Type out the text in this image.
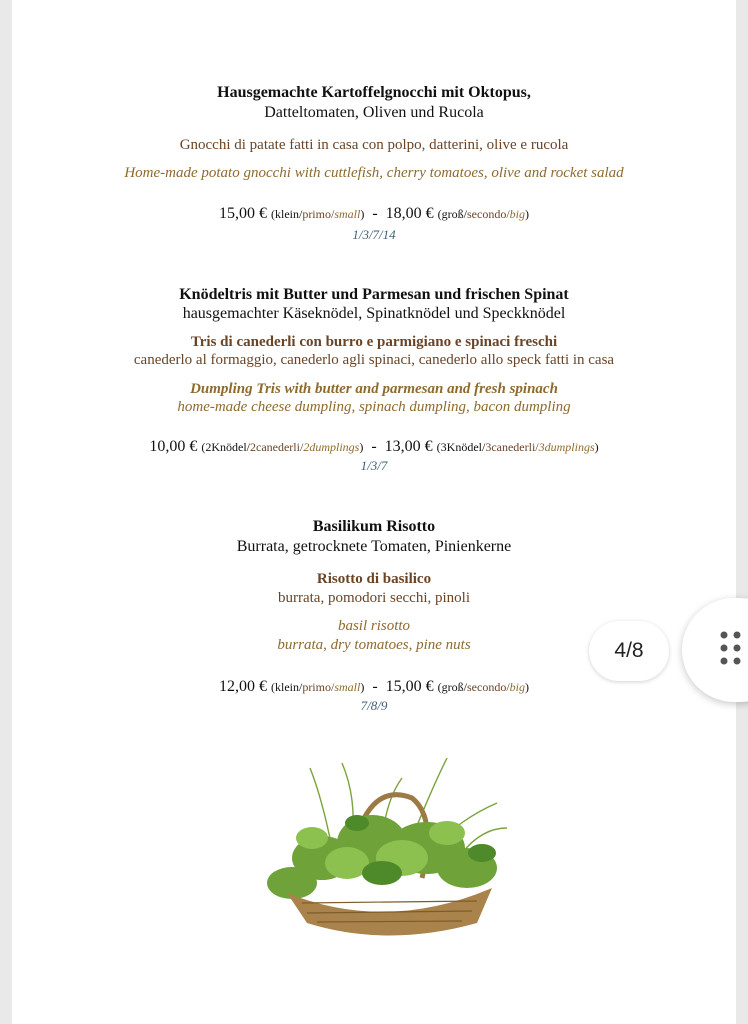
Hausgemachte Kartoffelgnocchi mit Oktopus,
Datteltomaten, Oliven und Rucola
Gnocchi di patate fatti in casa con polpo, datterini, olive e rucola
Home-made potato gnocchi with cuttlefish, cherry tomatoes, olive and rocket salad
15,00 € (klein/primo/small) - 18,00 € (groß/secondo/big)
1/3/7/14
Knödeltris mit Butter und Parmesan und frischen Spinat
hausgemachter Käseknödel, Spinatknödel und Speckknödel
Tris di canederli con burro e parmigiano e spinaci freschi
canederlo al formaggio, canederlo agli spinaci, canederlo allo speck fatti in casa
Dumpling Tris with butter and parmesan and fresh spinach
home-made cheese dumpling, spinach dumpling, bacon dumpling
10,00 € (2Knödel/2canederli/2dumplings) - 13,00 € (3Knödel/3canederli/3dumplings)
1/3/7
Basilikum Risotto
Burrata, getrocknete Tomaten, Pinienkerne
Risotto di basilico
burrata, pomodori secchi, pinoli
basil risotto
burrata, dry tomatoes, pine nuts
12,00 € (klein/primo/small) - 15,00 € (groß/secondo/big)
7/8/9
4/8
